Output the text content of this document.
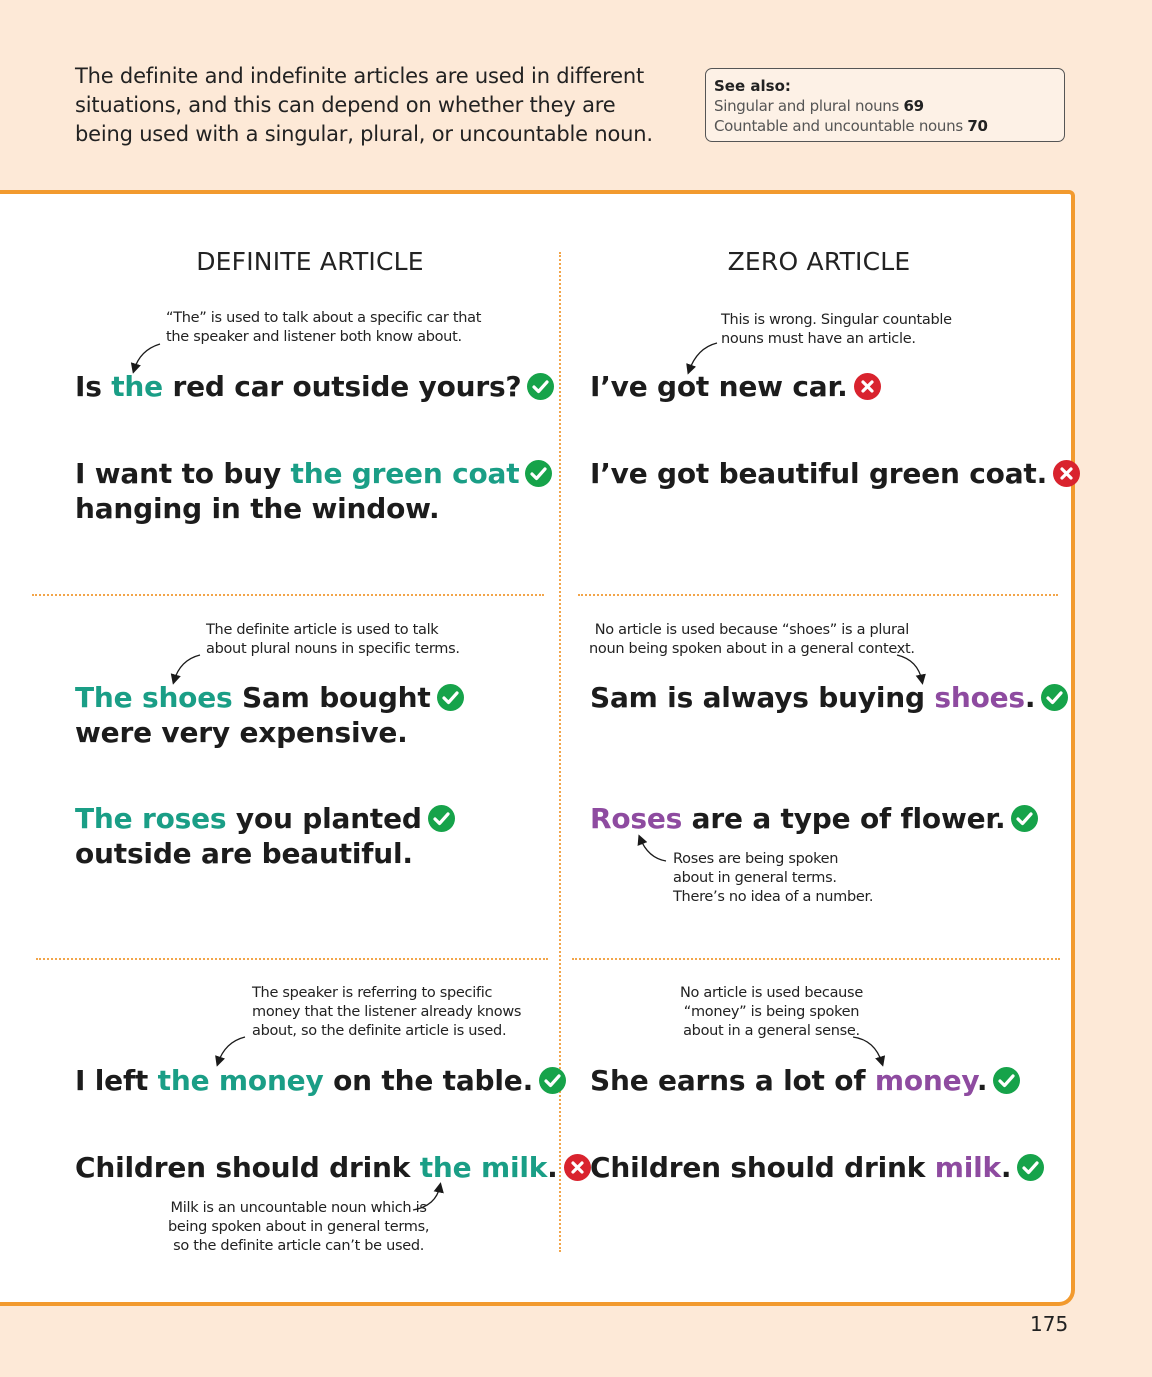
The definite and indefinite articles are used in different
situations, and this can depend on whether they are
being used with a singular, plural, or uncountable noun.
See also:
Singular and plural nouns 69
Countable and uncountable nouns 70
DEFINITE ARTICLE	ZERO ARTICLE
“The” is used to talk about a specific car that
the speaker and listener both know about.
Is the red car outside yours?
I want to buy the green coat

hanging in the window.
The definite article is used to talk
about plural nouns in specific terms.
The shoes Sam bought

were very expensive.
The roses you planted

outside are beautiful.
The speaker is referring to specific
money that the listener already knows
about, so the definite article is used.
I left the money on the table.
Children should drink the milk.
Milk is an uncountable noun which is
being spoken about in general terms,
so the definite article can’t be used.
This is wrong. Singular countable
nouns must have an article.
I’ve got new car.
I’ve got beautiful green coat.
No article is used because “shoes” is a plural
noun being spoken about in a general context.
Sam is always buying shoes.
Roses are a type of flower.
Roses are being spoken
about in general terms.
There’s no idea of a number.
No article is used because
“money” is being spoken
about in a general sense.
She earns a lot of money.
Children should drink milk.
175
